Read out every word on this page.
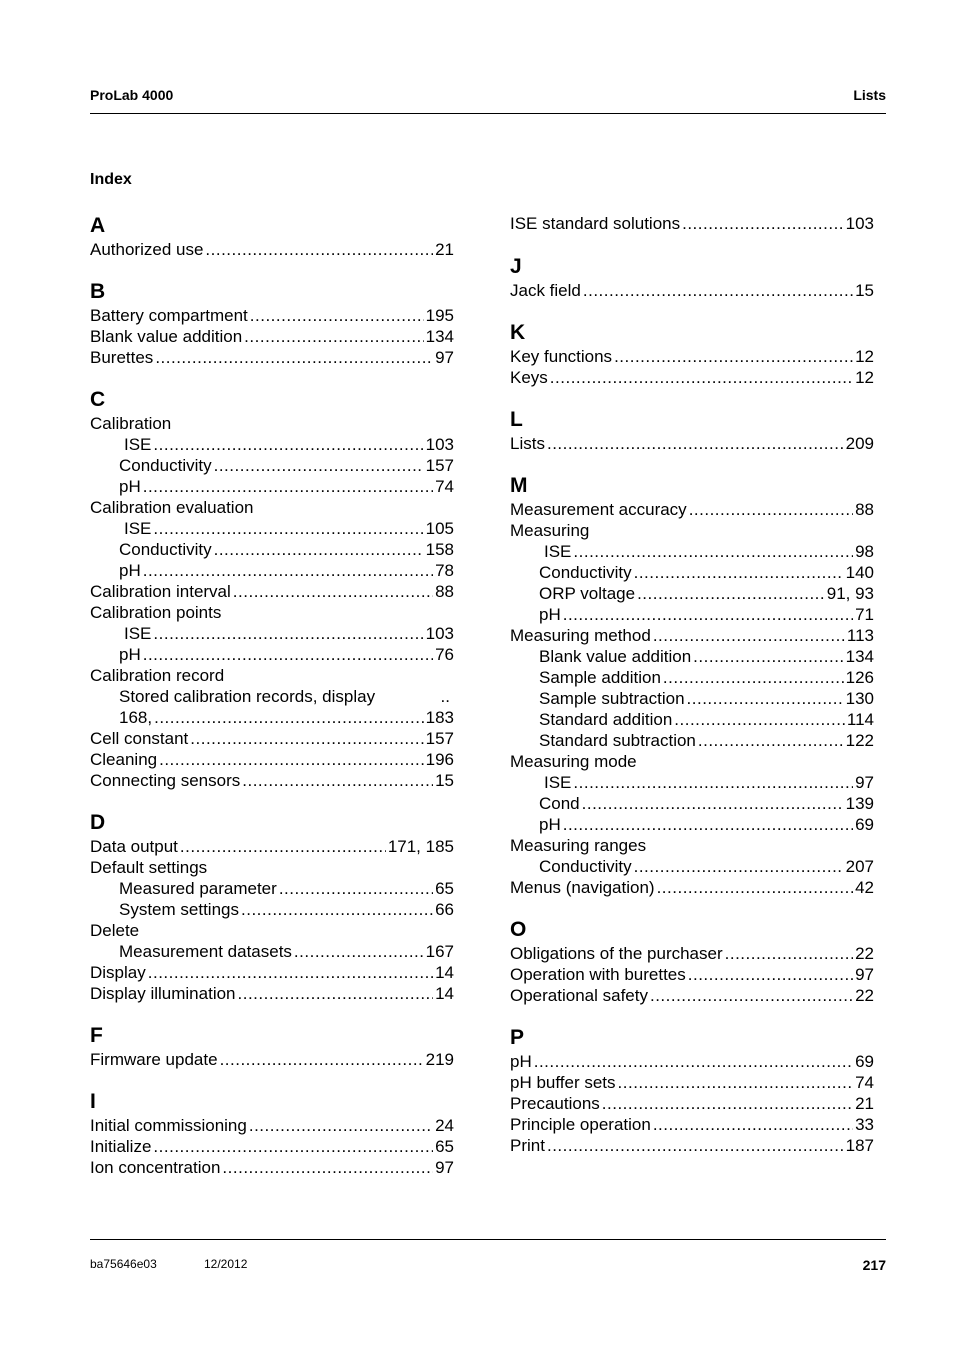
ProLab 4000	Lists
Index
A
Authorized use .....	21
B
Battery compartment .....	195
Blank value addition .....	134
Burettes .....	97
C
Calibration
ISE .....	103
Conductivity .....	157
pH .....	74
Calibration evaluation
ISE .....	105
Conductivity .....	158
pH .....	78
Calibration interval .....	88
Calibration points
ISE .....	103
pH .....	76
Calibration record
Stored calibration records, display	..
168, .....	183
Cell constant .....	157
Cleaning .....	196
Connecting sensors .....	15
D
Data output .....	171, 185
Default settings
Measured parameter .....	65
System settings .....	66
Delete
Measurement datasets .....	167
Display .....	14
Display illumination .....	14
F
Firmware update .....	219
I
Initial commissioning .....	24
Initialize .....	65
Ion concentration .....	97
ISE standard solutions .....	103
J
Jack field .....	15
K
Key functions .....	12
Keys .....	12
L
Lists .....	209
M
Measurement accuracy .....	88
Measuring
ISE .....	98
Conductivity .....	140
ORP voltage .....	91, 93
pH .....	71
Measuring method .....	113
Blank value addition .....	134
Sample addition .....	126
Sample subtraction .....	130
Standard addition .....	114
Standard subtraction .....	122
Measuring mode
ISE .....	97
Cond .....	139
pH .....	69
Measuring ranges
Conductivity .....	207
Menus (navigation) .....	42
O
Obligations of the purchaser .....	22
Operation with burettes .....	97
Operational safety .....	22
P
pH .....	69
pH buffer sets .....	74
Precautions .....	21
Principle operation .....	33
Print .....	187
ba75646e03	12/2012	217
